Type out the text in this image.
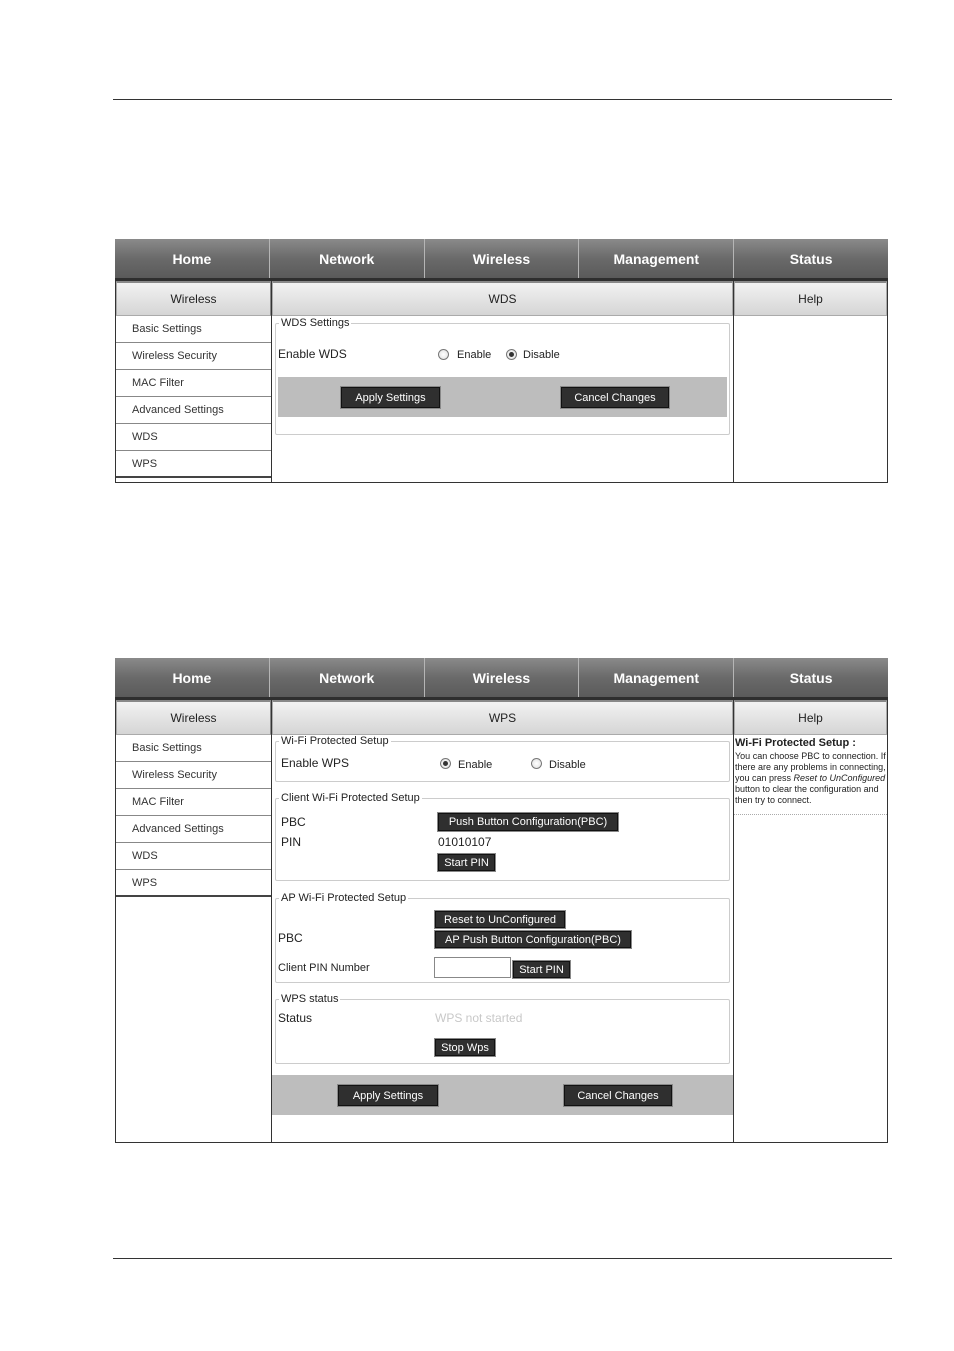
Home	Network	Wireless	Management	Status
Wireless
Basic Settings
Wireless Security
MAC Filter
Advanced Settings
WDS
WPS
WDS
WDS Settings
Enable WDS	Enable	Disable
Apply Settings	Cancel Changes
Help
Home	Network	Wireless	Management	Status
Wireless
Basic Settings
Wireless Security
MAC Filter
Advanced Settings
WDS
WPS
WPS
Wi-Fi Protected Setup
Enable WPS	Enable	Disable
Client Wi-Fi Protected Setup
PBC	Push Button Configuration(PBC)
PIN	01010107
Start PIN
AP Wi-Fi Protected Setup
Reset to UnConfigured
PBC	AP Push Button Configuration(PBC)
Client PIN Number	Start PIN
WPS status
Status	WPS not started
Stop Wps
Apply Settings	Cancel Changes
Help
Wi-Fi Protected Setup :
You can choose PBC to connection. If there are any problems in connecting, you can press Reset to UnConfigured button to clear the configuration and then try to connect.
